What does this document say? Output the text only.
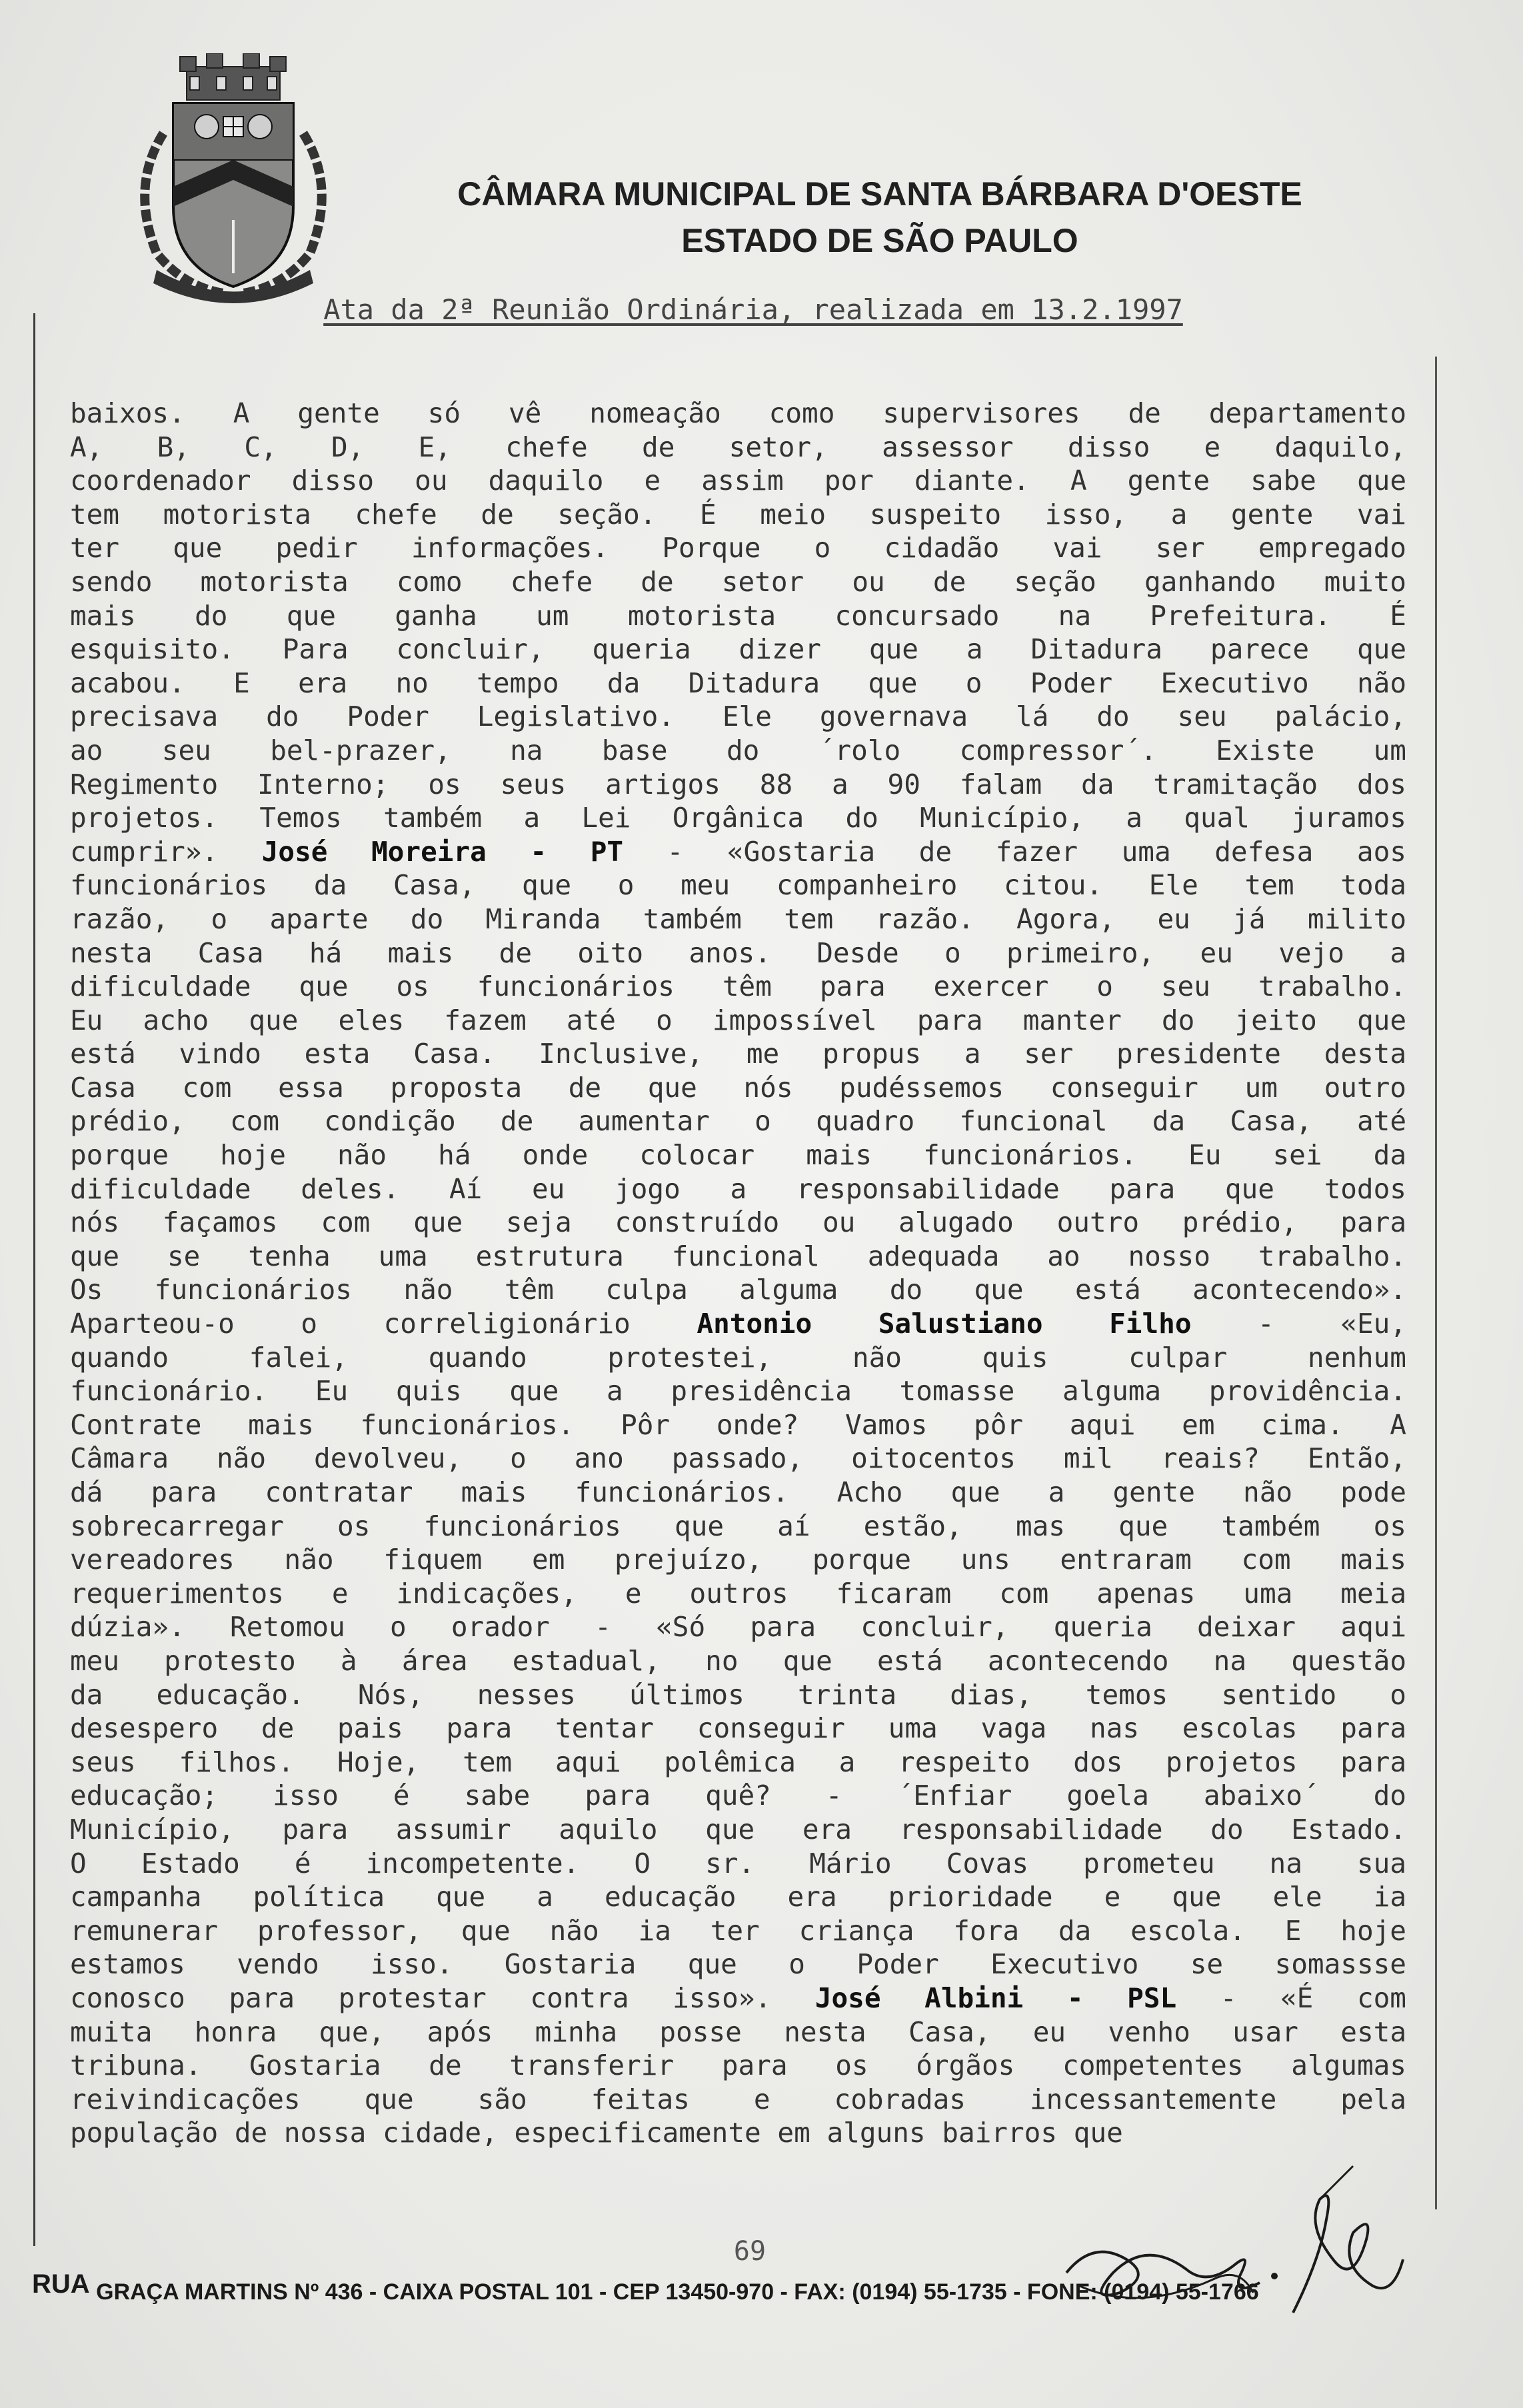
CÂMARA MUNICIPAL DE SANTA BÁRBARA D'OESTE
ESTADO DE SÃO PAULO
Ata da 2ª Reunião Ordinária, realizada em 13.2.1997
baixos. A gente só vê nomeação como supervisores de departamento
A, B, C, D, E, chefe de setor, assessor disso e daquilo,
coordenador disso ou daquilo e assim por diante. A gente sabe que
tem motorista chefe de seção. É meio suspeito isso, a gente vai
ter que pedir informações. Porque o cidadão vai ser empregado
sendo motorista como chefe de setor ou de seção ganhando muito
mais do que ganha um motorista concursado na Prefeitura. É
esquisito. Para concluir, queria dizer que a Ditadura parece que
acabou. E era no tempo da Ditadura que o Poder Executivo não
precisava do Poder Legislativo. Ele governava lá do seu palácio,
ao seu bel-prazer, na base do ´rolo compressor´. Existe um
Regimento Interno; os seus artigos 88 a 90 falam da tramitação dos
projetos. Temos também a Lei Orgânica do Município, a qual juramos
cumprir». José Moreira - PT - «Gostaria de fazer uma defesa aos
funcionários da Casa, que o meu companheiro citou. Ele tem toda
razão, o aparte do Miranda também tem razão. Agora, eu já milito
nesta Casa há mais de oito anos. Desde o primeiro, eu vejo a
dificuldade que os funcionários têm para exercer o seu trabalho.
Eu acho que eles fazem até o impossível para manter do jeito que
está vindo esta Casa. Inclusive, me propus a ser presidente desta
Casa com essa proposta de que nós pudéssemos conseguir um outro
prédio, com condição de aumentar o quadro funcional da Casa, até
porque hoje não há onde colocar mais funcionários. Eu sei da
dificuldade deles. Aí eu jogo a responsabilidade para que todos
nós façamos com que seja construído ou alugado outro prédio, para
que se tenha uma estrutura funcional adequada ao nosso trabalho.
Os funcionários não têm culpa alguma do que está acontecendo».
Aparteou-o o correligionário Antonio Salustiano Filho - «Eu,
quando falei, quando protestei, não quis culpar nenhum
funcionário. Eu quis que a presidência tomasse alguma providência.
Contrate mais funcionários. Pôr onde? Vamos pôr aqui em cima. A
Câmara não devolveu, o ano passado, oitocentos mil reais? Então,
dá para contratar mais funcionários. Acho que a gente não pode
sobrecarregar os funcionários que aí estão, mas que também os
vereadores não fiquem em prejuízo, porque uns entraram com mais
requerimentos e indicações, e outros ficaram com apenas uma meia
dúzia». Retomou o orador - «Só para concluir, queria deixar aqui
meu protesto à área estadual, no que está acontecendo na questão
da educação. Nós, nesses últimos trinta dias, temos sentido o
desespero de pais para tentar conseguir uma vaga nas escolas para
seus filhos. Hoje, tem aqui polêmica a respeito dos projetos para
educação; isso é sabe para quê? - ´Enfiar goela abaixo´ do
Município, para assumir aquilo que era responsabilidade do Estado.
O Estado é incompetente. O sr. Mário Covas prometeu na sua
campanha política que a educação era prioridade e que ele ia
remunerar professor, que não ia ter criança fora da escola. E hoje
estamos vendo isso. Gostaria que o Poder Executivo se somassse
conosco para protestar contra isso». José Albini - PSL - «É com
muita honra que, após minha posse nesta Casa, eu venho usar esta
tribuna. Gostaria de transferir para os órgãos competentes algumas
reivindicações que são feitas e cobradas incessantemente pela
população de nossa cidade, especificamente em alguns bairros que
69
RUA GRAÇA MARTINS Nº 436 - CAIXA POSTAL 101 - CEP 13450-970 - FAX: (0194) 55-1735 - FONE: (0194) 55-1766
